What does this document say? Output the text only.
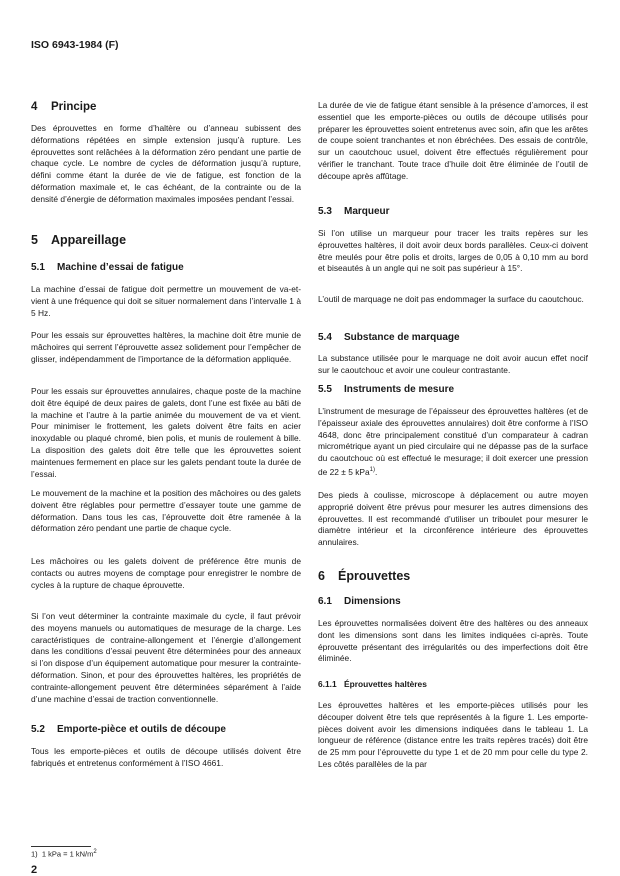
ISO 6943-1984 (F)
4 Principe
Des éprouvettes en forme d’haltère ou d’anneau subissent des déformations répétées en simple extension jusqu’à rupture. Les éprouvettes sont relâchées à la déformation zéro pendant une partie de chaque cycle. Le nombre de cycles de déformation jusqu’à rupture, défini comme étant la durée de vie de fatigue, est fonction de la déformation maximale et, le cas échéant, de la contrainte ou de la densité d’énergie de déformation maximales imposées pendant l’essai.
5 Appareillage
5.1 Machine d’essai de fatigue
La machine d’essai de fatigue doit permettre un mouvement de va-et-vient à une fréquence qui doit se situer normalement dans l’intervalle 1 à 5 Hz.
Pour les essais sur éprouvettes haltères, la machine doit être munie de mâchoires qui serrent l’éprouvette assez solidement pour l’empêcher de glisser, indépendamment de l’importance de la déformation appliquée.
Pour les essais sur éprouvettes annulaires, chaque poste de la machine doit être équipé de deux paires de galets, dont l’une est fixée au bâti de la machine et l’autre à la partie animée du mouvement de va et vient. Pour minimiser le frottement, les galets doivent être faits en acier inoxydable ou plaqué chromé, bien polis, et munis de roulement à bille. La disposition des galets doit être telle que les éprouvettes soient maintenues fermement en place sur les galets pendant toute la durée de l’essai.
Le mouvement de la machine et la position des mâchoires ou des galets doivent être réglables pour permettre d’essayer toute une gamme de déformation. Dans tous les cas, l’éprouvette doit être ramenée à la déformation zéro pendant une partie de chaque cycle.
Les mâchoires ou les galets doivent de préférence être munis de contacts ou autres moyens de comptage pour enregistrer le nombre de cycles à la rupture de chaque éprouvette.
Si l’on veut déterminer la contrainte maximale du cycle, il faut prévoir des moyens manuels ou automatiques de mesurage de la charge. Les caractéristiques de contraine-allongement et l’énergie d’allongement dans les conditions d’essai peuvent être déterminées pour des anneaux si l’on dispose d’un équipement automatique pour mesurer la contrainte-déformation. Sinon, et pour des éprouvettes haltères, les propriétés de contrainte-allongement peuvent être déterminées séparément à l’aide d’une machine d’essai de traction conventionnelle.
5.2 Emporte-pièce et outils de découpe
Tous les emporte-pièces et outils de découpe utilisés doivent être fabriqués et entretenus conformément à l’ISO 4661.
1) 1 kPa = 1 $kN/m^2$
2
La durée de vie de fatigue étant sensible à la présence d’amorces, il est essentiel que les emporte-pièces ou outils de découpe utilisés pour préparer les éprouvettes soient entretenus avec soin, afin que les arêtes de coupe soient tranchantes et non ébréchées. Des essais de contrôle, sur un caoutchouc usuel, doivent être effectués régulièrement pour vérifier le tranchant. Toute trace d’huile doit être éliminée de l’outil de découpe après affûtage.
5.3 Marqueur
Si l’on utilise un marqueur pour tracer les traits repères sur les éprouvettes haltères, il doit avoir deux bords parallèles. Ceux-ci doivent être meulés pour être polis et droits, larges de 0,05 à 0,10 mm au bord et biseautés à un angle qui ne soit pas supérieur à 15°.
L’outil de marquage ne doit pas endommager la surface du caoutchouc.
5.4 Substance de marquage
La substance utilisée pour le marquage ne doit avoir aucun effet nocif sur le caoutchouc et avoir une couleur contrastante.
5.5 Instruments de mesure
L’instrument de mesurage de l’épaisseur des éprouvettes haltères (et de l’épaisseur axiale des éprouvettes annulaires) doit être conforme à l’ISO 4648, donc être principalement constitué d’un comparateur à cadran micrométrique ayant un pied circulaire qui ne dépasse pas de la surface du caoutchouc où est effectué le mesurage; il doit exercer une pression de 22 ± 5 kPa$^{1)}$.
Des pieds à coulisse, microscope à déplacement ou autre moyen approprié doivent être prévus pour mesurer les autres dimensions des éprouvettes. Il est recommandé d’utiliser un triboulet pour mesurer le diamètre intérieur et la circonférence intérieure des éprouvettes annulaires.
6 Éprouvettes
6.1 Dimensions
Les éprouvettes normalisées doivent être des haltères ou des anneaux dont les dimensions sont dans les limites indiquées ci-après. Toute éprouvette présentant des irrégularités ou des imperfections doit être éliminée.
6.1.1 Éprouvettes haltères
Les éprouvettes haltères et les emporte-pièces utilisés pour les découper doivent être tels que représentés à la figure 1. Les emporte-pièces doivent avoir les dimensions indiquées dans le tableau 1. La longueur de référence (distance entre les traits repères tracés) doit être de 25 mm pour l’éprouvette du type 1 et de 20 mm pour celle du type 2. Les côtés parallèles de la par
